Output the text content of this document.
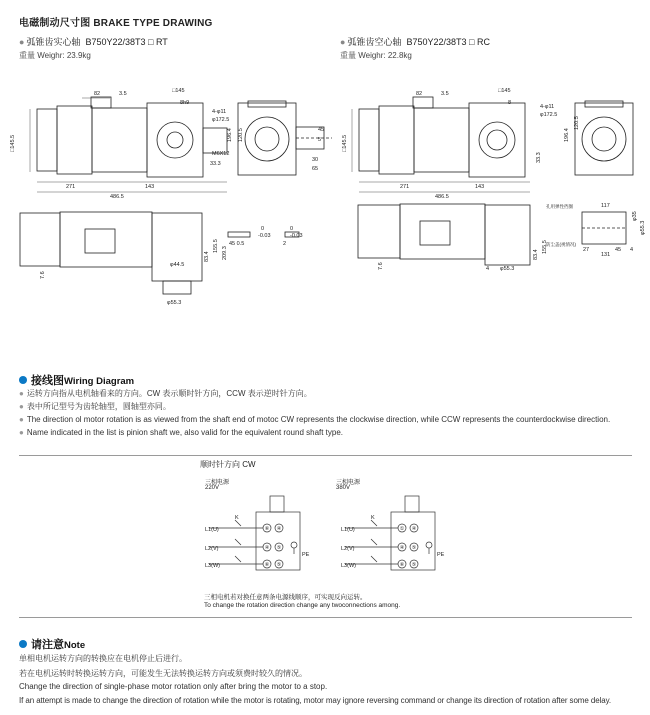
电磁制动尺寸图 BRAKE TYPE DRAWING
● 弧锥齿实心轴 B750Y22/38T3 □ RT
重量 Weighr: 23.9kg
● 弧锥齿空心轴 B750Y22/38T3 □ RC
重量 Weighr: 22.8kg
82	3.5	□145
8h9
4-φ11
φ172.5
45
5
30
65
M6X12
33.3
196.4 120.5
□145.5
271	143
486.5
155.5
83.4 209.3
φ44.5
φ55.3
7.6
45 0.5
0
-0.03
2
0
-0.03
82	3.5	□145
8
4-φ11
φ172.5
33.3
196.4
120.5
□145.5
271	143
486.5
155.5
83.4
φ55.3
7.6	4
117
131
27	45 4
φ35
φ55.3
孔用弹性挡圈
防尘盖(视情况)
接线图Wiring Diagram
● 运转方向指从电机轴看来的方向。CW 表示顺时针方向，CCW 表示逆时针方向。
● 表中所记型号为齿轮轴型，圆轴型亦同。
● The direction ol motor rotation is as viewed from the shaft end of motoc CW represents the clockwise direction, while CCW represents the counterdockwise direction.
● Name indicated in the list is pinion shaft we, also valid for the equivalent round shaft type.
顺时针方向 CW
三相电源
220V
三相电源
380V
K
L1(U)
L2(V)
L3(W)
PE
K
L1(U)
L2(V)
L3(W)
PE
⑥ ④
④ ⑤
⑥ ⑤
① ④
④ ⑤
⑥ ⑤
三相电机若对换任意两条电源线顺序，可实现反向运转。
To change the rotation direction change any twoconnections among.
请注意Note
单相电机运转方向的转换应在电机停止后进行。
若在电机运转时转换运转方向，可能发生无法转换运转方向或须费时较久的情况。
Change the direction of single-phase motor rotation only after bring the motor to a stop.
If an attempt is made to change the direction of rotation while the motor is rotating, motor may ignore reversing command or change its direction of rotation after some delay.
